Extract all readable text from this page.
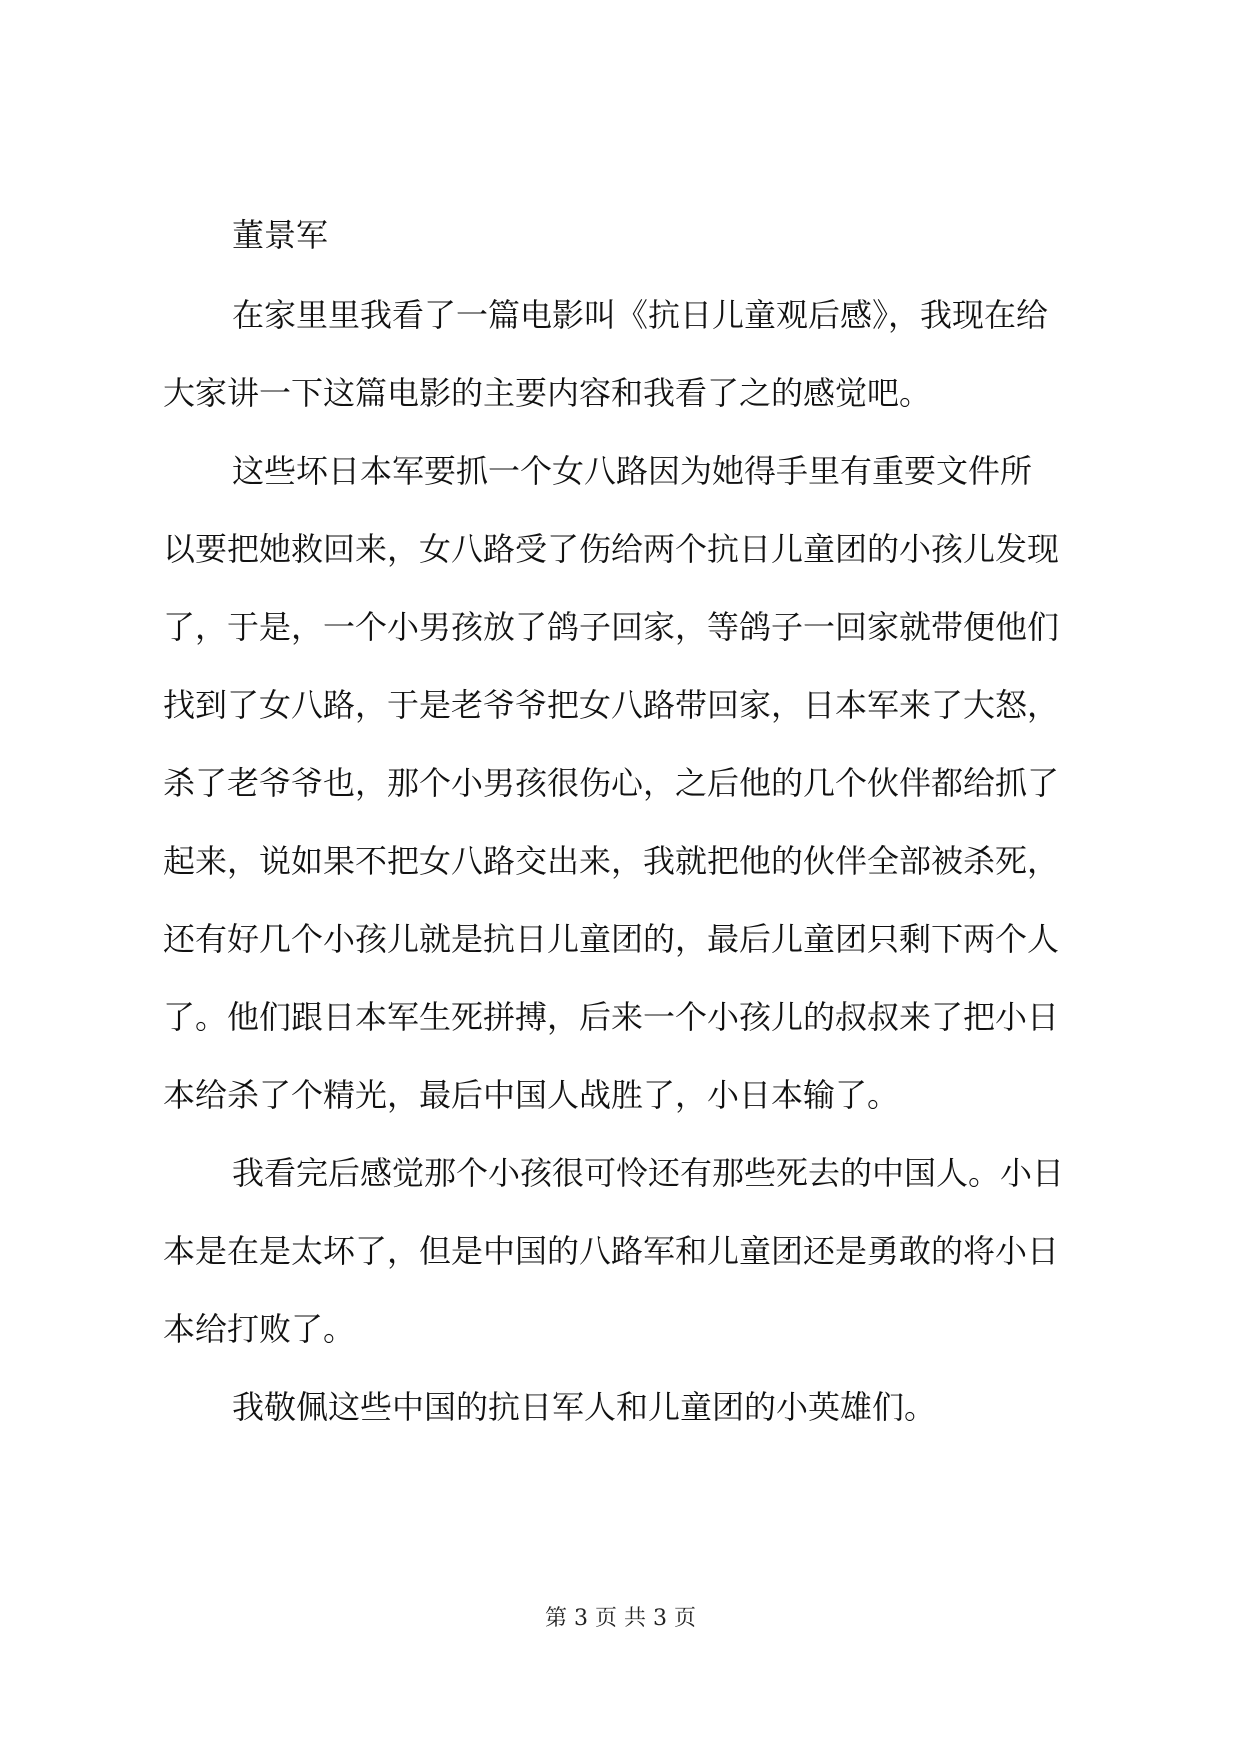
董景军
在家里里我看了一篇电影叫《抗日儿童观后感》，我现在给
大家讲一下这篇电影的主要内容和我看了之的感觉吧。
这些坏日本军要抓一个女八路因为她得手里有重要文件所
以要把她救回来，女八路受了伤给两个抗日儿童团的小孩儿发现
了，于是，一个小男孩放了鸽子回家，等鸽子一回家就带便他们
找到了女八路，于是老爷爷把女八路带回家，日本军来了大怒，
杀了老爷爷也，那个小男孩很伤心，之后他的几个伙伴都给抓了
起来，说如果不把女八路交出来，我就把他的伙伴全部被杀死，
还有好几个小孩儿就是抗日儿童团的，最后儿童团只剩下两个人
了。他们跟日本军生死拼搏，后来一个小孩儿的叔叔来了把小日
本给杀了个精光，最后中国人战胜了，小日本输了。
我看完后感觉那个小孩很可怜还有那些死去的中国人。小日
本是在是太坏了，但是中国的八路军和儿童团还是勇敢的将小日
本给打败了。
我敬佩这些中国的抗日军人和儿童团的小英雄们。
第 3 页 共 3 页
